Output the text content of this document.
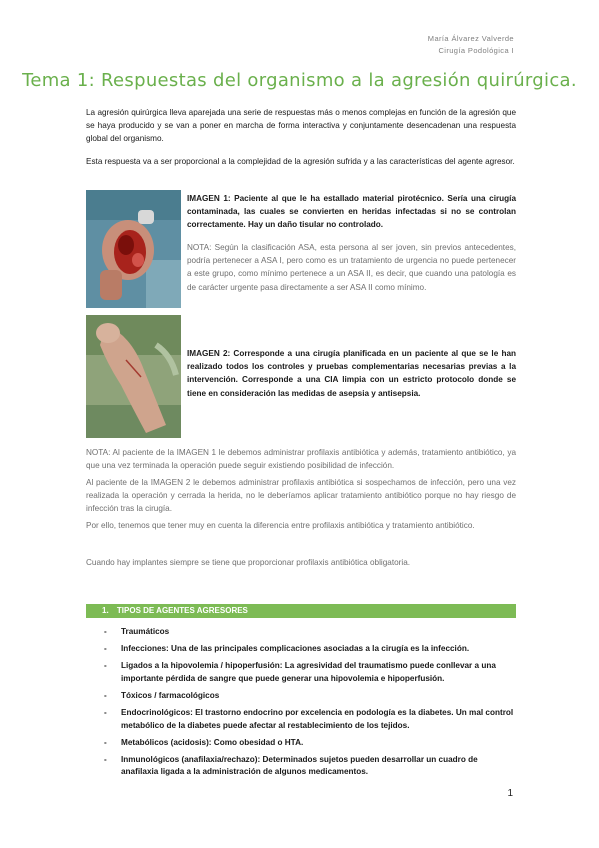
María Álvarez Valverde
Cirugía Podológica I
Tema 1: Respuestas del organismo a la agresión quirúrgica.
La agresión quirúrgica lleva aparejada una serie de respuestas más o menos complejas en función de la agresión que se haya producido y se van a poner en marcha de forma interactiva y conjuntamente desencadenan una respuesta global del organismo.
Esta respuesta va a ser proporcional a la complejidad de la agresión sufrida y a las características del agente agresor.
IMAGEN 1: Paciente al que le ha estallado material pirotécnico. Sería una cirugía contaminada, las cuales se convierten en heridas infectadas si no se controlan correctamente. Hay un daño tisular no controlado.
NOTA: Según la clasificación ASA, esta persona al ser joven, sin previos antecedentes, podría pertenecer a ASA I, pero como es un tratamiento de urgencia no puede pertenecer a este grupo, como mínimo pertenece a un ASA II, es decir, que cuando una patología es de carácter urgente pasa directamente a ser ASA II como mínimo.
IMAGEN 2: Corresponde a una cirugía planificada en un paciente al que se le han realizado todos los controles y pruebas complementarias necesarias previas a la intervención. Corresponde a una CIA limpia con un estricto protocolo donde se tiene en consideración las medidas de asepsia y antisepsia.
NOTA: Al paciente de la IMAGEN 1 le debemos administrar profilaxis antibiótica y además, tratamiento antibiótico, ya que una vez terminada la operación puede seguir existiendo posibilidad de infección.
Al paciente de la IMAGEN 2 le debemos administrar profilaxis antibiótica si sospechamos de infección, pero una vez realizada la operación y cerrada la herida, no le deberíamos aplicar tratamiento antibiótico porque no hay riesgo de infección tras la cirugía.
Por ello, tenemos que tener muy en cuenta la diferencia entre profilaxis antibiótica y tratamiento antibiótico.
Cuando hay implantes siempre se tiene que proporcionar profilaxis antibiótica obligatoria.
1. TIPOS DE AGENTES AGRESORES
- Traumáticos
- Infecciones: Una de las principales complicaciones asociadas a la cirugía es la infección.
- Ligados a la hipovolemia / hipoperfusión: La agresividad del traumatismo puede conllevar a una importante pérdida de sangre que puede generar una hipovolemia e hipoperfusión.
- Tóxicos / farmacológicos
- Endocrinológicos: El trastorno endocrino por excelencia en podología es la diabetes. Un mal control metabólico de la diabetes puede afectar al restablecimiento de los tejidos.
- Metabólicos (acidosis): Como obesidad o HTA.
- Inmunológicos (anafilaxia/rechazo): Determinados sujetos pueden desarrollar un cuadro de anafilaxia ligada a la administración de algunos medicamentos.
1
